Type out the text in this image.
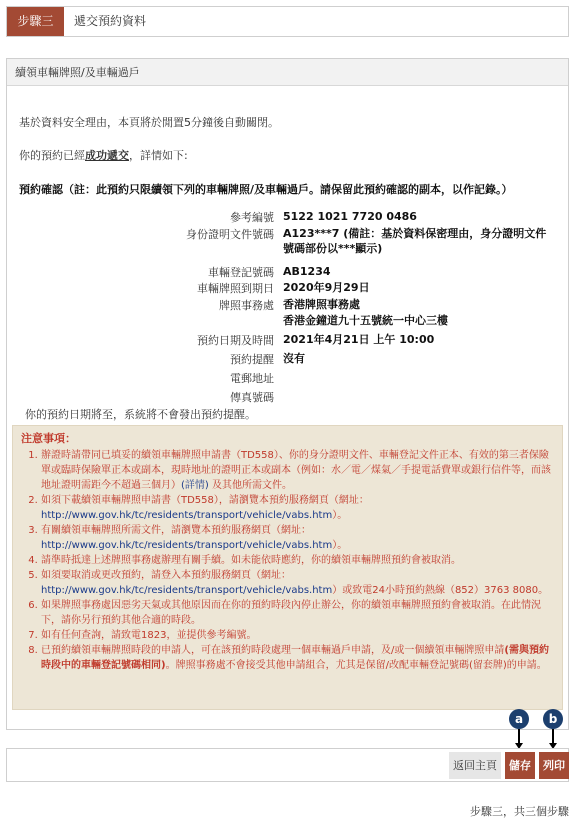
步驟三	遞交預約資料
續領車輛牌照/及車輛過戶
基於資料安全理由，本頁將於閒置5分鐘後自動關閉。
你的預約已經成功遞交，詳情如下:
預約確認（註：此預約只限續領下列的車輛牌照/及車輛過戶。請保留此預約確認的副本，以作記錄。）
參考編號 5122 1021 7720 0486
身份證明文件號碼 A123***7 (備註：基於資料保密理由，身分證明文件號碼部份以***顯示)
車輛登記號碼 AB1234
車輛牌照到期日 2020年9月29日
牌照事務處 香港牌照事務處
香港金鐘道九十五號統一中心三樓
預約日期及時間 2021年4月21日 上午 10:00
預約提醒 沒有
電郵地址
傳真號碼
你的預約日期將至，系統將不會發出預約提醒。
注意事項：
1. 辦證時請帶同已填妥的續領車輛牌照申請書（TD558）、你的身分證明文件、車輛登記文件正本、有效的第三者保險單或臨時保險單正本或副本，現時地址的證明正本或副本（例如：水／電／煤氣／手提電話費單或銀行信件等，而該地址證明需距今不超過三個月）(詳情) 及其他所需文件。
2. 如須下載續領車輛牌照申請書（TD558），請瀏覽本預約服務網頁（網址：http://www.gov.hk/tc/residents/transport/vehicle/vabs.htm）。
3. 有關續領車輛牌照所需文件，請瀏覽本預約服務網頁（網址：http://www.gov.hk/tc/residents/transport/vehicle/vabs.htm）。
4. 請準時抵達上述牌照事務處辦理有關手續。如未能依時應約，你的續領車輛牌照預約會被取消。
5. 如須要取消或更改預約，請登入本預約服務網頁（網址：http://www.gov.hk/tc/residents/transport/vehicle/vabs.htm）或致電24小時預約熱線（852）3763 8080。
6. 如果牌照事務處因惡劣天氣或其他原因而在你的預約時段內停止辦公，你的續領車輛牌照預約會被取消。在此情況下，請你另行預約其他合適的時段。
7. 如有任何查詢，請致電1823，並提供參考編號。
8. 已預約續領車輛牌照時段的申請人，可在該預約時段處理一個車輛過戶申請，及/或一個續領車輛牌照申請(需與預約時段中的車輛登記號碼相同)。牌照事務處不會接受其他申請組合，尤其是保留/改配車輛登記號碼(留套牌)的申請。
a	b
返回主頁	儲存	列印
步驟三，共三個步驟
